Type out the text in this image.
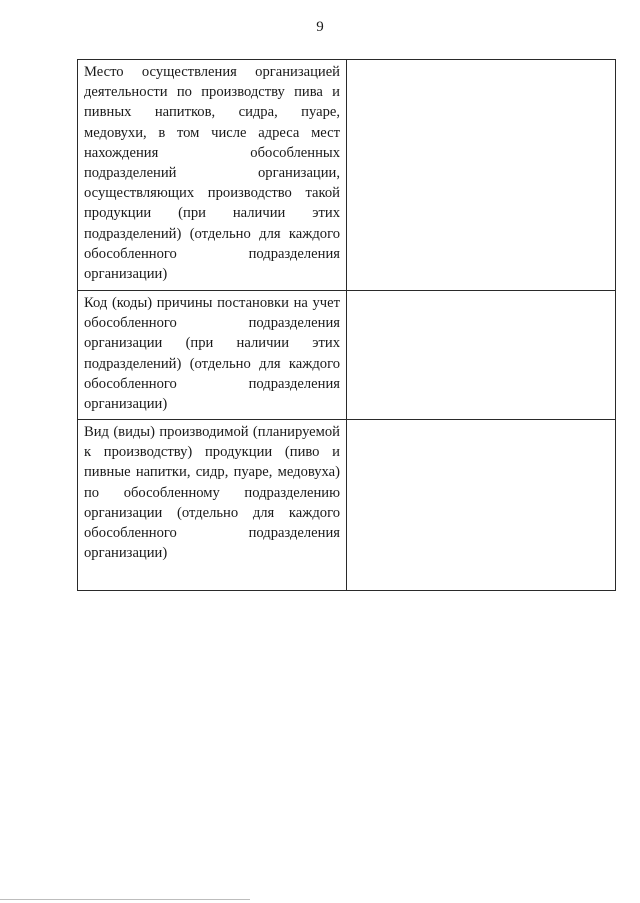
9
Место осуществления организацией деятельности по производству пива и пивных напитков, сидра, пуаре, медовухи, в том числе адреса мест нахождения обособленных подразделений организации, осуществляющих производство такой продукции (при наличии этих подразделений) (отдельно для каждого обособленного подразделения организации)	

Код (коды) причины постановки на учет обособленного подразделения организации (при наличии этих подразделений) (отдельно для каждого обособленного подразделения организации)	

Вид (виды) производимой (планируемой к производству) продукции (пиво и пивные напитки, сидр, пуаре, медовуха) по обособленному подразделению организации (отдельно для каждого обособленного подразделения организации)	
